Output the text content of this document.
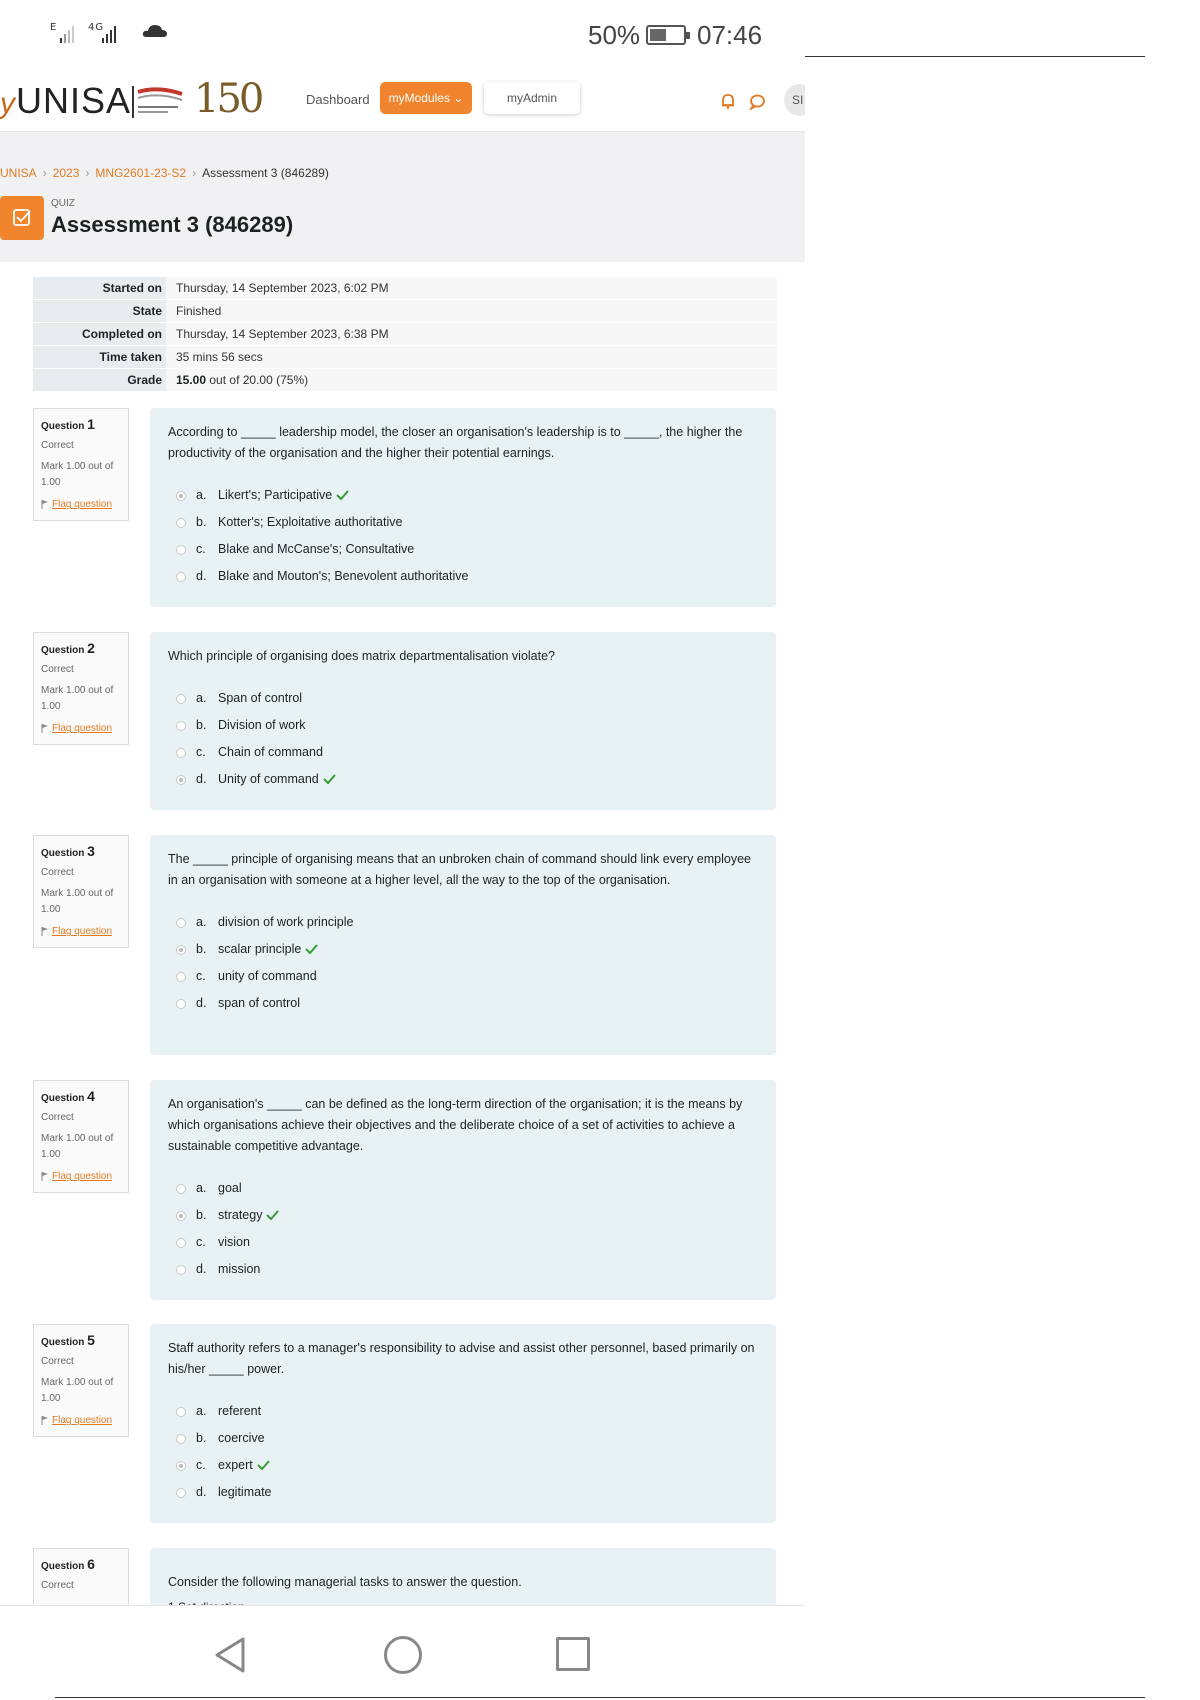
E	4G	50% 07:46
yUNISA 150	Dashboard	myModules ⌄	myAdmin	SI
UNISA › 2023 › MNG2601-23-S2 › Assessment 3 (846289)
QUIZ
Assessment 3 (846289)
Started on	Thursday, 14 September 2023, 6:02 PM
State	Finished
Completed on	Thursday, 14 September 2023, 6:38 PM
Time taken	35 mins 56 secs
Grade	15.00 out of 20.00 (75%)
Question 1
Correct
Mark 1.00 out of 1.00
Flag question
According to _____ leadership model, the closer an organisation's leadership is to _____, the higher the productivity of the organisation and the higher their potential earnings.
a. Likert's; Participative
b. Kotter's; Exploitative authoritative
c. Blake and McCanse's; Consultative
d. Blake and Mouton's; Benevolent authoritative
Question 2
Correct
Mark 1.00 out of 1.00
Flag question
Which principle of organising does matrix departmentalisation violate?
a. Span of control
b. Division of work
c. Chain of command
d. Unity of command
Question 3
Correct
Mark 1.00 out of 1.00
Flag question
The _____ principle of organising means that an unbroken chain of command should link every employee in an organisation with someone at a higher level, all the way to the top of the organisation.
a. division of work principle
b. scalar principle
c. unity of command
d. span of control
Question 4
Correct
Mark 1.00 out of 1.00
Flag question
An organisation's _____ can be defined as the long-term direction of the organisation; it is the means by which organisations achieve their objectives and the deliberate choice of a set of activities to achieve a sustainable competitive advantage.
a. goal
b. strategy
c. vision
d. mission
Question 5
Correct
Mark 1.00 out of 1.00
Flag question
Staff authority refers to a manager's responsibility to advise and assist other personnel, based primarily on his/her _____ power.
a. referent
b. coercive
c. expert
d. legitimate
Question 6
Correct	Consider the following managerial tasks to answer the question.
